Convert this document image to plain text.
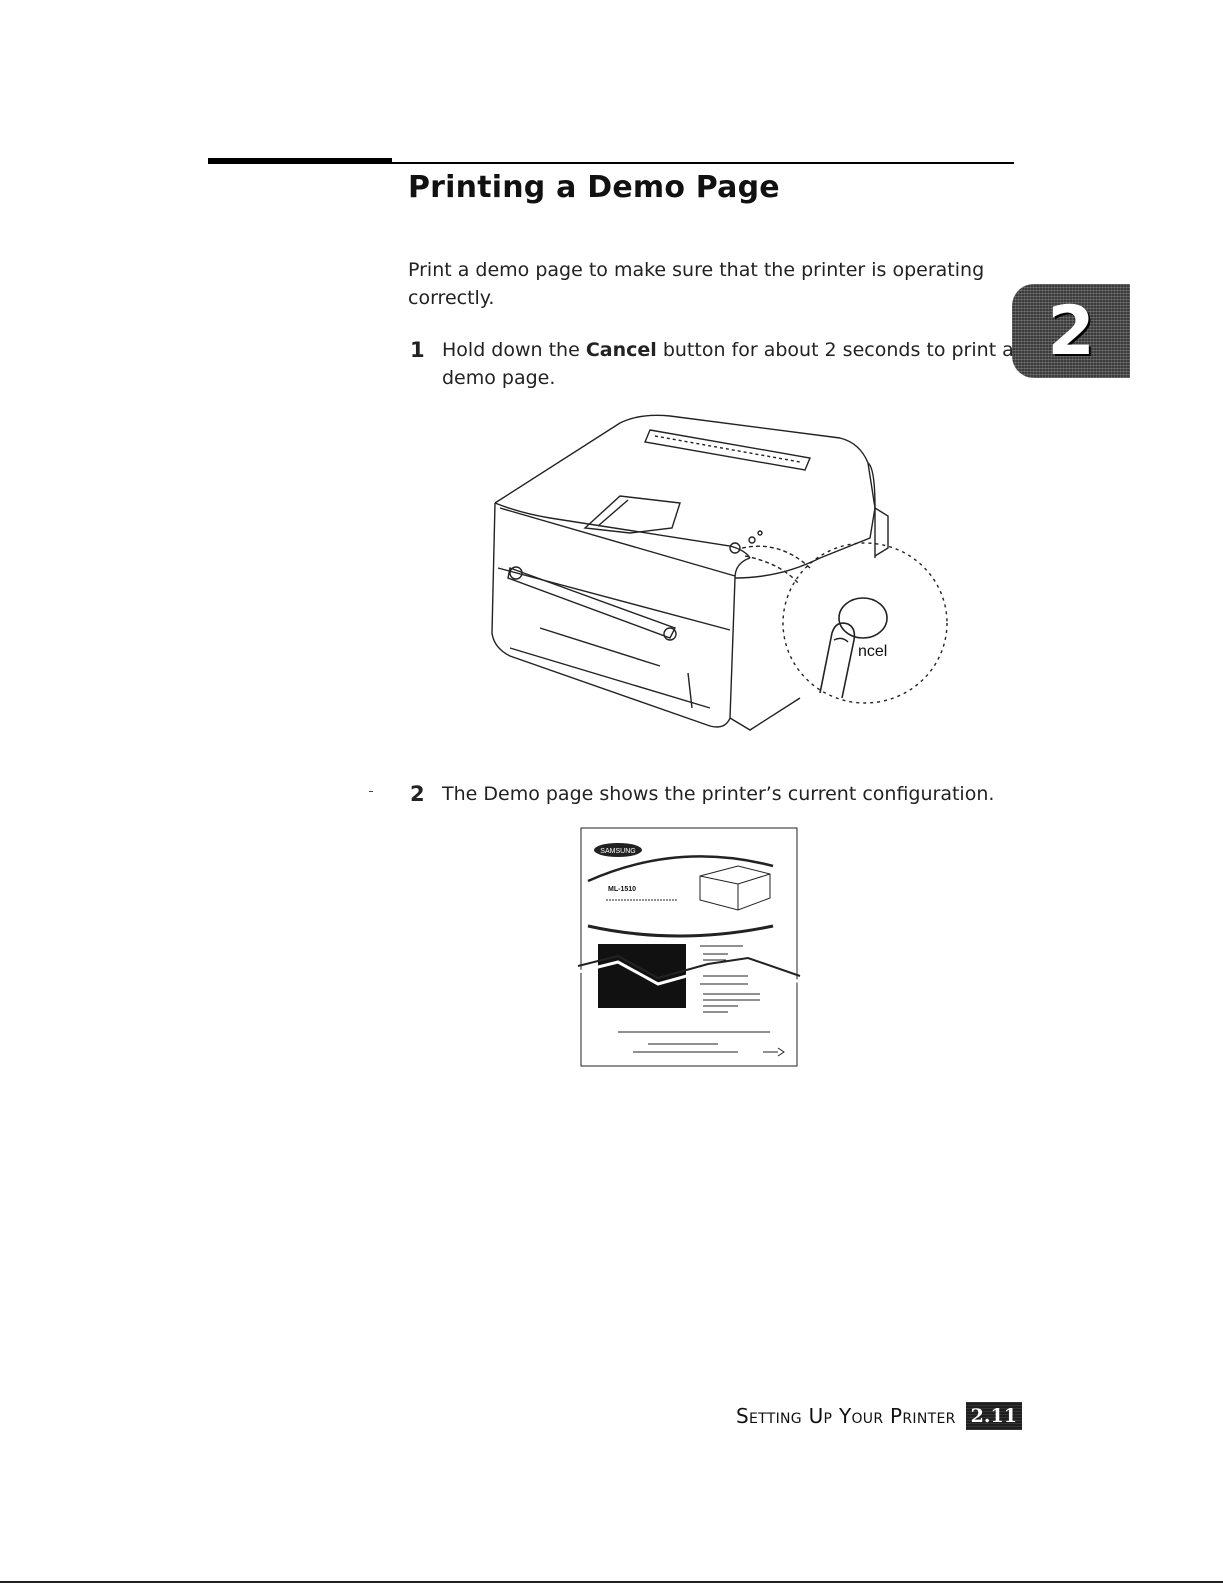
Printing a Demo Page
2

Print a demo page to make sure that the printer is operating correctly.

1 Hold down the Cancel button for about 2 seconds to print a demo page.
ncel
2 The Demo page shows the printer’s current configuration.
SAMSUNG
ML-1510
Setting Up Your Printer 2.11
